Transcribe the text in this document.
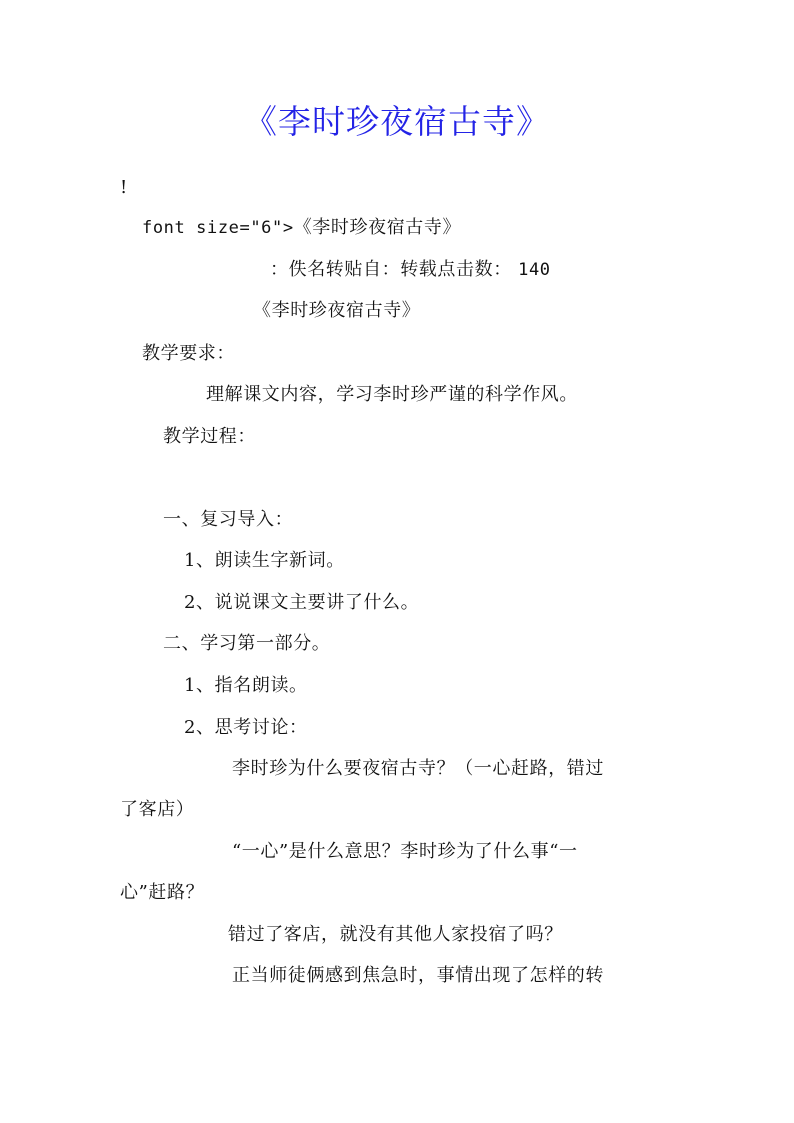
《李时珍夜宿古寺》
!
font size="6">《李时珍夜宿古寺》
：佚名转贴自：转载点击数： 140
《李时珍夜宿古寺》
教学要求：
理解课文内容，学习李时珍严谨的科学作风。
教学过程：
一、复习导入：
1、朗读生字新词。
2、说说课文主要讲了什么。
二、学习第一部分。
1、指名朗读。
2、思考讨论：
李时珍为什么要夜宿古寺？（一心赶路，错过
了客店）
“一心”是什么意思？李时珍为了什么事“一
心”赶路？
错过了客店，就没有其他人家投宿了吗？
正当师徒俩感到焦急时，事情出现了怎样的转
